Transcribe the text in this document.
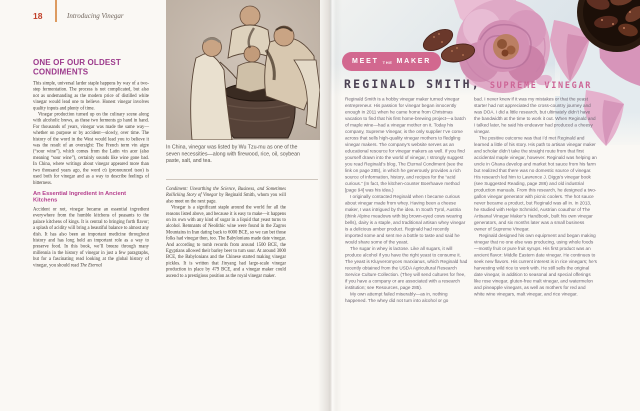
18	Introducing Vinegar
ONE OF OUR OLDEST CONDIMENTS

This simple, universal larder staple happens by way of a two-step fermentation. The process is not complicated, but also not as undemanding as the modern price of distilled white vinegar would lead one to believe. Honest vinegar involves quality inputs and plenty of time.

Vinegar production turned up on the culinary scene along with alcoholic brews, as these two ferments go hand in hand. For thousands of years, vinegar was made the same way—whether on purpose or by accident—slowly, over time. The history of the word in the West would lead you to believe it was the result of an oversight: The French term vin aigre (“sour wine”), which comes from the Latin vin acer (also meaning “sour wine”), certainly sounds like wine gone bad. In China, where writings about vinegar appeared more than two thousand years ago, the word cù (pronounced tsoo) is used both for vinegar and as a way to describe feelings of bitterness.

An Essential Ingredient in Ancient Kitchens

Accident or not, vinegar became an essential ingredient everywhere from the humble kitchens of peasants to the palace kitchens of kings. It is central to bringing forth flavor; a splash of acidity will bring a beautiful balance to almost any dish. It has also been an important medicine throughout history and has long held an important role as a way to preserve food. In this book, we’ll breeze through many millennia in the history of vinegar in just a few paragraphs, but for a fascinating read looking at the global history of vinegar, you should read The Eternal

In China, vinegar was listed by Wu Tzu-mu as one of the seven necessities—along with firewood, rice, oil, soybean paste, salt, and tea.

Condiment: Unearthing the Science, Business, and Sometimes Rollicking Story of Vinegar by Reginald Smith, whom you will also meet on the next page.

Vinegar is a significant staple around the world for all the reasons listed above, and because it is easy to make—it happens on its own with any kind of sugar in a liquid that yeast turns to alcohol. Remnants of Neolithic wine were found in the Zagros Mountains in Iran dating back to 6000 BCE, so we can bet those folks had vinegar then, too. The Babylonians made date vinegar. And according to tomb records from around 1500 BCE, the Egyptians allowed their barley beer to turn sour. At around 3000 BCE, the Babylonians and the Chinese started making vinegar pickles. It is written that Jinyang had large-scale vinegar production in place by 479 BCE, and a vinegar maker could ascend to a prestigious position as the royal vinegar maker.

MEET THE MAKER
REGINALD SMITH, SUPREME VINEGAR

Reginald Smith is a hobby vinegar maker turned vinegar entrepreneur. His passion for vinegar began innocently enough in 2011 when he came home from Christmas vacation to find that his first home-brewing project—a batch of maple wine—had a vinegar mother on it. Today his company, Supreme Vinegar, is the only supplier I’ve come across that sells high-quality vinegar mothers to fledgling vinegar makers. The company’s website serves as an educational resource for vinegar makers as well. If you find yourself drawn into the world of vinegar, I strongly suggest you read Reginald’s blog, The Eternal Condiment (see the link on page 285), in which he generously provides a rich source of information, history, and recipes for the “acid curious.” (In fact, the kitchen-counter Boerhaave method [page 94] was his idea.)

I originally contacted Reginald when I became curious about vinegar made from whey. Having been a cheese maker, I was intrigued by the idea. In South Tyrol, Austria (think Alpine meadows with big brown-eyed cows wearing bells), dairy is a staple, and traditional artisan whey vinegar is a delicious amber product. Reginald had recently imported some and sent me a bottle to taste and said he would share some of the yeast.

The sugar in whey is lactose. Like all sugars, it will produce alcohol if you have the right yeast to consume it. The yeast is Kluyveromyces marxianus, which Reginald had recently obtained from the USDA Agricultural Research Service Culture Collection. (They will send cultures for free, if you have a company or are associated with a research institution; see Resources, page 285).

My own attempt failed miserably—as in, nothing happened. The whey did not turn into alcohol or go

bad. I never knew if it was my mistakes or that the yeast starter had not appreciated the cross-country journey and was DOA. I did a little research, but ultimately didn’t have the bandwidth at the time to work it out. When Reginald and I talked later, he said his endeavor had produced a cheesy vinegar.

The positive outcome was that I’d met Reginald and learned a little of his story. His path to artisan vinegar maker and scholar didn’t take the straight route from that first accidental maple vinegar, however. Reginald was helping an uncle in Ghana develop and market hot sauce from his farm but realized that there was no domestic source of vinegar. His research led him to Lawrence J. Diggs’s vinegar book (see Suggested Reading, page 286) and old industrial production manuals. From this research, he designed a two-gallon vinegar generator with picnic coolers. The hot sauce never became a product, but Reginald was all in. In 2013, he studied with Helge Schmickl, Austrian coauthor of The Artisanal Vinegar Maker’s Handbook, built his own vinegar generators, and six months later was a small business owner of Supreme Vinegar.

Reginald designed his own equipment and began making vinegar that no one else was producing, using whole foods—mostly fruit or pure fruit syrups. His first product was an ancient flavor: Middle Eastern date vinegar. He continues to seek new flavors. His current interest is in rice vinegars; he’s harvesting wild rice to work with. He still sells the original date vinegar, in addition to seasonal and special offerings like rose vinegar, gluten-free malt vinegar, and watermelon and pineapple vinegars, as well as mothers for red and white wine vinegars, malt vinegar, and rice vinegar.
